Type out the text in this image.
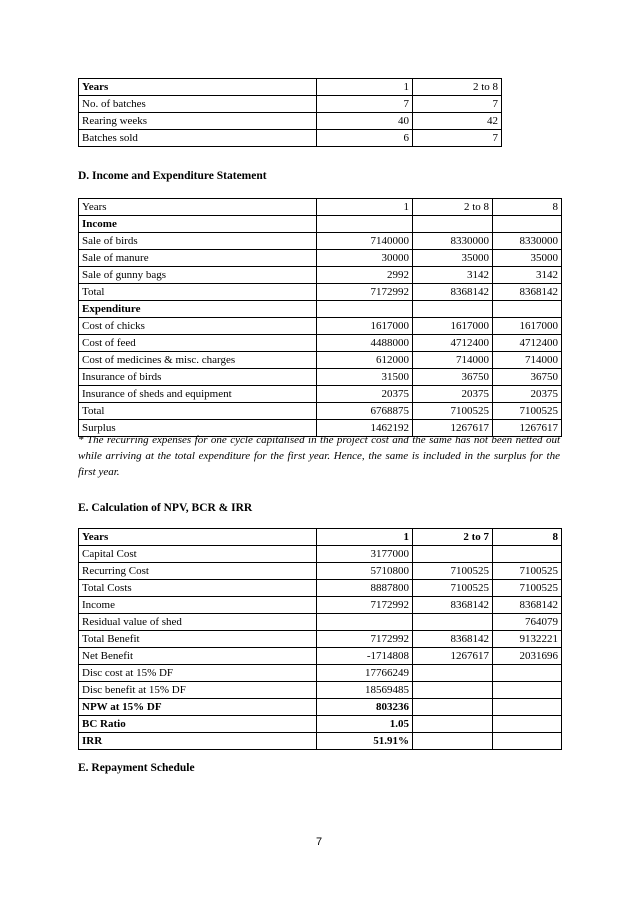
Years	1	2 to 8
No. of batches	7	7
Rearing weeks	40	42
Batches sold	6	7
D. Income and Expenditure Statement
Years	1	2 to 8	8
Income			
Sale of birds	7140000	8330000	8330000
Sale of manure	30000	35000	35000
Sale of gunny bags	2992	3142	3142
Total	7172992	8368142	8368142
Expenditure			
Cost of chicks	1617000	1617000	1617000
Cost of feed	4488000	4712400	4712400
Cost of medicines & misc. charges	612000	714000	714000
Insurance of birds	31500	36750	36750
Insurance of sheds and equipment	20375	20375	20375
Total	6768875	7100525	7100525
Surplus	1462192	1267617	1267617
* The recurring expenses for one cycle capitalised in the project cost and the same has not been netted out while arriving at the total expenditure for the first year. Hence, the same is included in the surplus for the first year.
E. Calculation of NPV, BCR & IRR
Years	1	2 to 7	8
Capital Cost	3177000		
Recurring Cost	5710800	7100525	7100525
Total Costs	8887800	7100525	7100525
Income	7172992	8368142	8368142
Residual value of shed			764079
Total Benefit	7172992	8368142	9132221
Net Benefit	-1714808	1267617	2031696
Disc cost at 15% DF	17766249		
Disc benefit at 15% DF	18569485		
NPW at 15% DF	803236		
BC Ratio	1.05		
IRR	51.91%		
E. Repayment Schedule
7
